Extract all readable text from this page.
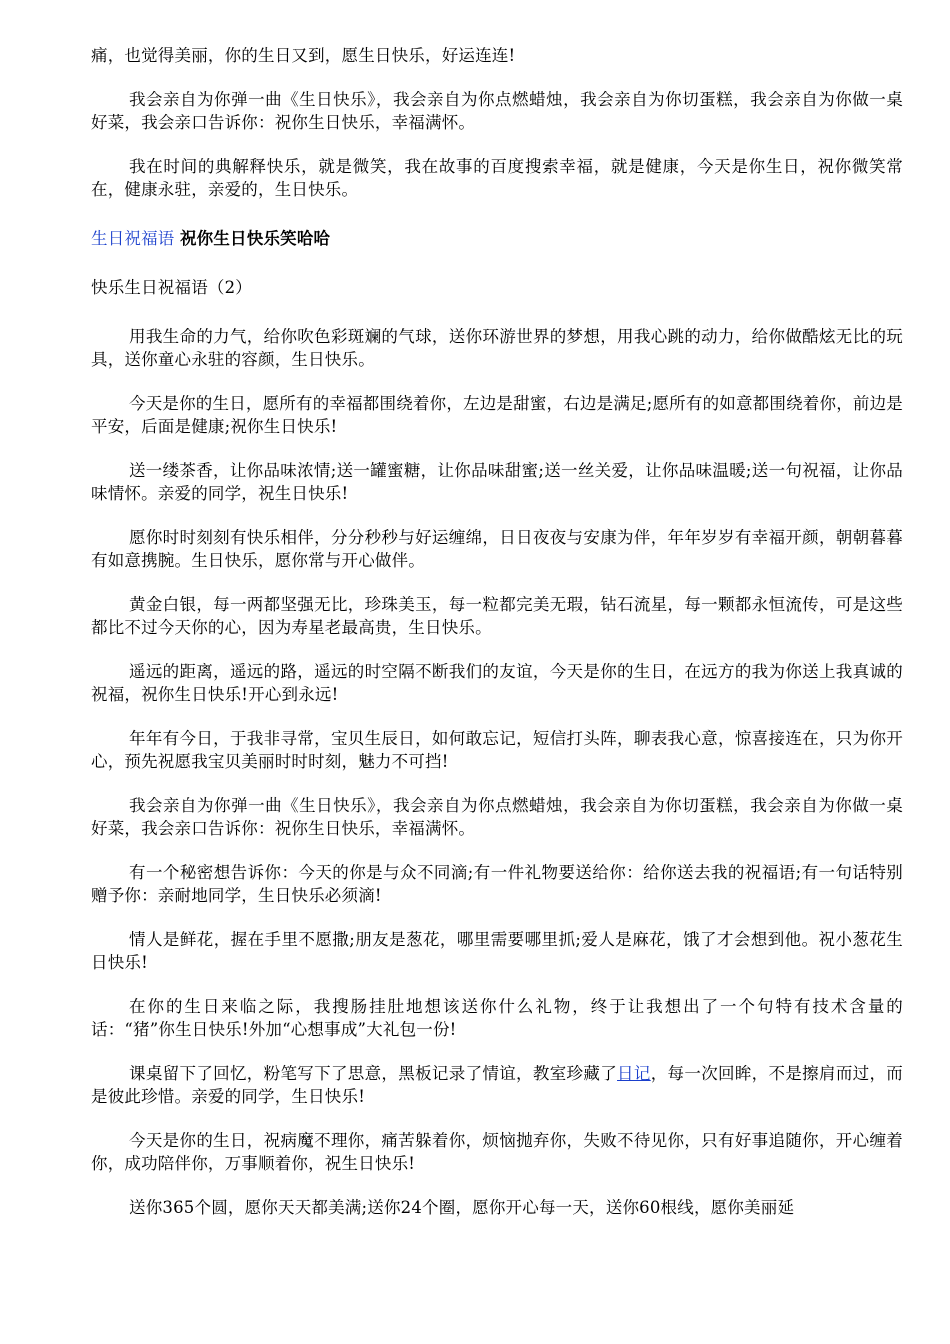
痛，也觉得美丽，你的生日又到，愿生日快乐，好运连连!

我会亲自为你弹一曲《生日快乐》，我会亲自为你点燃蜡烛，我会亲自为你切蛋糕，我会亲自为你做一桌好菜，我会亲口告诉你：祝你生日快乐，幸福满怀。

我在时间的典解释快乐，就是微笑，我在故事的百度搜索幸福，就是健康，今天是你生日，祝你微笑常在，健康永驻，亲爱的，生日快乐。

生日祝福语 祝你生日快乐笑哈哈

快乐生日祝福语（2）

用我生命的力气，给你吹色彩斑斓的气球，送你环游世界的梦想，用我心跳的动力，给你做酷炫无比的玩具，送你童心永驻的容颜，生日快乐。

今天是你的生日，愿所有的幸福都围绕着你，左边是甜蜜，右边是满足;愿所有的如意都围绕着你，前边是平安，后面是健康;祝你生日快乐!

送一缕茶香，让你品味浓情;送一罐蜜糖，让你品味甜蜜;送一丝关爱，让你品味温暖;送一句祝福，让你品味情怀。亲爱的同学，祝生日快乐!

愿你时时刻刻有快乐相伴，分分秒秒与好运缠绵，日日夜夜与安康为伴，年年岁岁有幸福开颜，朝朝暮暮有如意携腕。生日快乐，愿你常与开心做伴。

黄金白银，每一两都坚强无比，珍珠美玉，每一粒都完美无瑕，钻石流星，每一颗都永恒流传，可是这些都比不过今天你的心，因为寿星老最高贵，生日快乐。

遥远的距离，遥远的路，遥远的时空隔不断我们的友谊，今天是你的生日，在远方的我为你送上我真诚的祝福，祝你生日快乐!开心到永远!

年年有今日，于我非寻常，宝贝生辰日，如何敢忘记，短信打头阵，聊表我心意，惊喜接连在，只为你开心，预先祝愿我宝贝美丽时时时刻，魅力不可挡!

我会亲自为你弹一曲《生日快乐》，我会亲自为你点燃蜡烛，我会亲自为你切蛋糕，我会亲自为你做一桌好菜，我会亲口告诉你：祝你生日快乐，幸福满怀。

有一个秘密想告诉你：今天的你是与众不同滴;有一件礼物要送给你：给你送去我的祝福语;有一句话特别赠予你：亲耐地同学，生日快乐必须滴!

情人是鲜花，握在手里不愿撒;朋友是葱花，哪里需要哪里抓;爱人是麻花，饿了才会想到他。祝小葱花生日快乐!

在你的生日来临之际，我搜肠挂肚地想该送你什么礼物，终于让我想出了一个句特有技术含量的话：“猪”你生日快乐!外加“心想事成”大礼包一份!

课桌留下了回忆，粉笔写下了思意，黑板记录了情谊，教室珍藏了日记，每一次回眸，不是擦肩而过，而是彼此珍惜。亲爱的同学，生日快乐!

今天是你的生日，祝病魔不理你，痛苦躲着你，烦恼抛弃你，失败不待见你，只有好事追随你，开心缠着你，成功陪伴你，万事顺着你，祝生日快乐!

送你365个圆，愿你天天都美满;送你24个圈，愿你开心每一天，送你60根线，愿你美丽延
